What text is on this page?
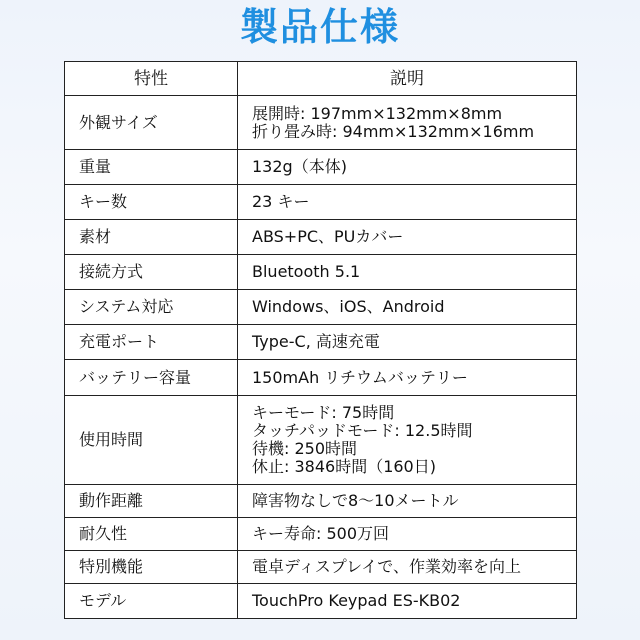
製品仕様
特性	説明
外観サイズ	展開時: 197mm×132mm×8mm
折り畳み時: 94mm×132mm×16mm

重量	132g（本体)

キー数	23 キー

素材	ABS+PC、PUカバー

接続方式	Bluetooth 5.1

システム対応	Windows、iOS、Android

充電ポート	Type-C, 高速充電

バッテリー容量	150mAh リチウムバッテリー

使用時間	キーモード: 75時間
タッチパッドモード: 12.5時間
待機: 250時間
休止: 3846時間（160日)

動作距離	障害物なしで8～10メートル

耐久性	キー寿命: 500万回

特別機能	電卓ディスプレイで、作業効率を向上

モデル	TouchPro Keypad ES-KB02
